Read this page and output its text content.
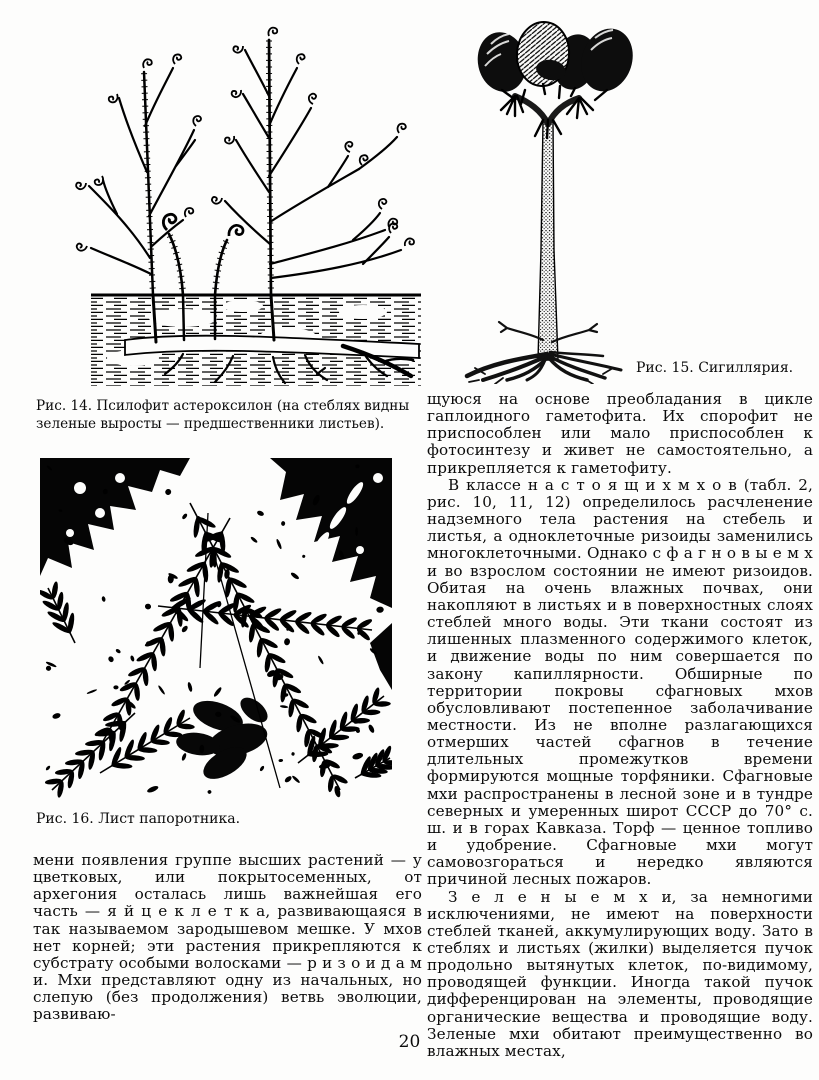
Рис. 14. Псилофит астероксилон (на стеблях видны зеленые выросты — предшественники листьев).
Рис. 15. Сигиллярия.
Рис. 16. Лист папоротника.

щуюся на основе преобладания в цикле гаплоидного гаметофита. Их спорофит не приспособлен или мало приспособлен к фотосинтезу и живет не самостоятельно, а прикрепляется к гаметофиту.

В классе н а с т о я щ и х м х о в (табл. 2, рис. 10, 11, 12) определилось расчленение надземного тела растения на стебель и листья, а одноклеточные ризоиды заменились многоклеточными. Однако с ф а г н о в ы е м х и во взрослом состоянии не имеют ризоидов. Обитая на очень влажных почвах, они накопляют в листьях и в поверхностных слоях стеблей много воды. Эти ткани состоят из лишенных плазменного содержимого клеток, и движение воды по ним совершается по закону капиллярности. Обширные по территории покровы сфагновых мхов обусловливают постепенное заболачивание местности. Из не вполне разлагающихся отмерших частей сфагнов в течение длительных промежутков времени формируются мощные торфяники. Сфагновые мхи распространены в лесной зоне и в тундре северных и умеренных широт СССР до 70° с. ш. и в горах Кавказа. Торф — ценное топливо и удобрение. Сфагновые мхи могут самовозгораться и нередко являются причиной лесных пожаров.

З е л е н ы е м х и, за немногими исключениями, не имеют на поверхности стеблей тканей, аккумулирующих воду. Зато в стеблях и листьях (жилки) выделяется пучок продольно вытянутых клеток, по-видимому, проводящей функции. Иногда такой пучок дифференцирован на элементы, проводящие органические вещества и проводящие воду. Зеленые мхи обитают преимущественно во влажных местах,

мени появления группе высших растений — у цветковых, или покрытосеменных, от архегония осталась лишь важнейшая его часть — я й ц е к л е т к а, развивающаяся в так называемом зародышевом мешке. У мхов нет корней; эти растения прикрепляются к субстрату особыми волосками — р и з о и д а м и. Мхи представляют одну из начальных, но слепую (без продолжения) ветвь эволюции, развиваю-

20
